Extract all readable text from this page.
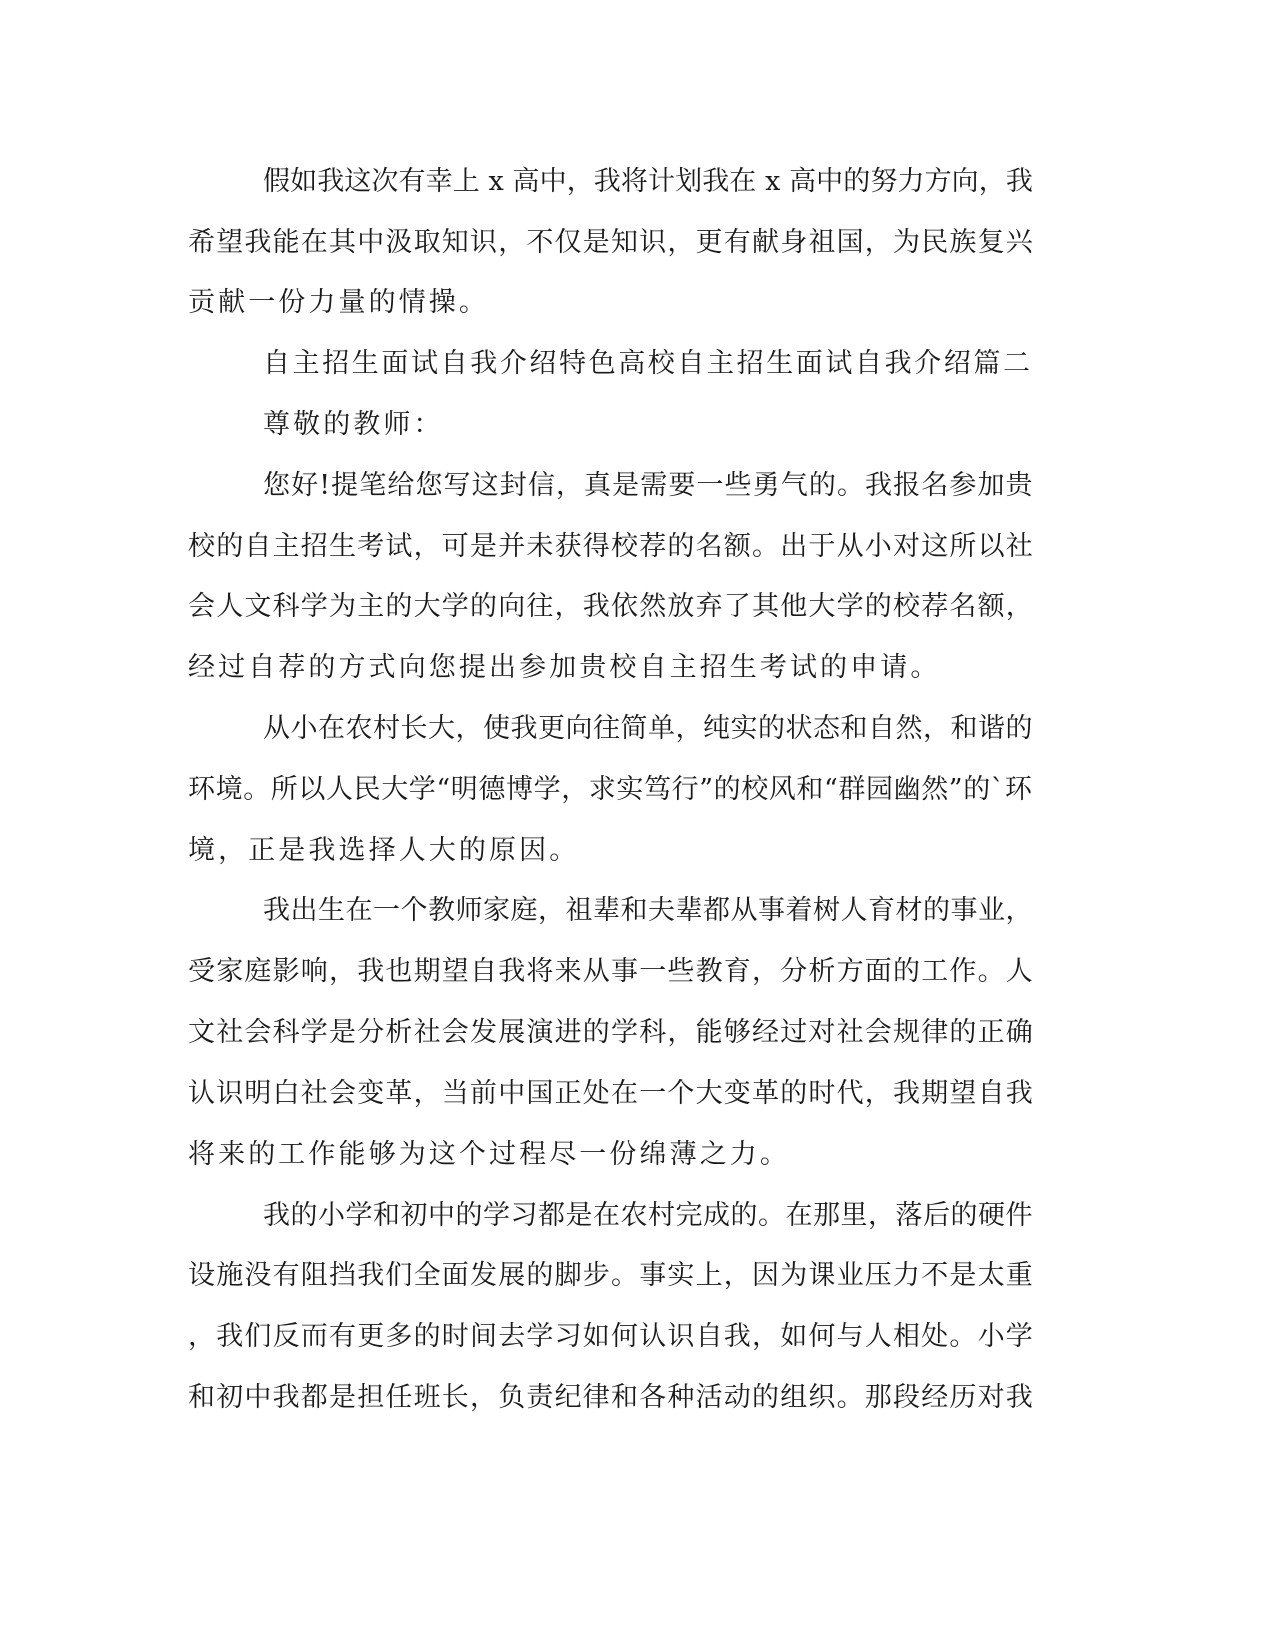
假如我这次有幸上 x 高中，我将计划我在 x 高中的努力方向，我
希望我能在其中汲取知识，不仅是知识，更有献身祖国，为民族复兴
贡献一份力量的情操。
自主招生面试自我介绍特色高校自主招生面试自我介绍篇二
尊敬的教师：
您好!提笔给您写这封信，真是需要一些勇气的。我报名参加贵
校的自主招生考试，可是并未获得校荐的名额。出于从小对这所以社
会人文科学为主的大学的向往，我依然放弃了其他大学的校荐名额，
经过自荐的方式向您提出参加贵校自主招生考试的申请。
从小在农村长大，使我更向往简单，纯实的状态和自然，和谐的
环境。所以人民大学“明德博学，求实笃行”的校风和“群园幽然”的`环
境，正是我选择人大的原因。
我出生在一个教师家庭，祖辈和夫辈都从事着树人育材的事业，
受家庭影响，我也期望自我将来从事一些教育，分析方面的工作。人
文社会科学是分析社会发展演进的学科，能够经过对社会规律的正确
认识明白社会变革，当前中国正处在一个大变革的时代，我期望自我
将来的工作能够为这个过程尽一份绵薄之力。
我的小学和初中的学习都是在农村完成的。在那里，落后的硬件
设施没有阻挡我们全面发展的脚步。事实上，因为课业压力不是太重
，我们反而有更多的时间去学习如何认识自我，如何与人相处。小学
和初中我都是担任班长，负责纪律和各种活动的组织。那段经历对我
